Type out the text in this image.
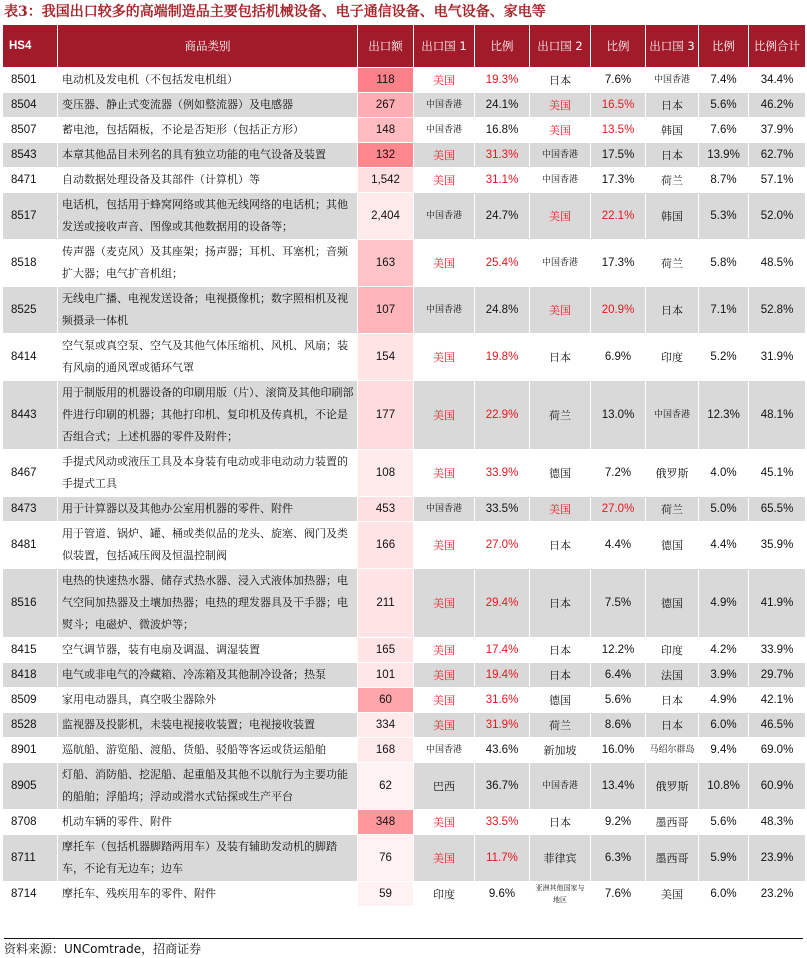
表3：我国出口较多的高端制造品主要包括机械设备、电子通信设备、电气设备、家电等
HS4	商品类别	出口额	出口国 1	比例	出口国 2	比例	出口国 3	比例	比例合计
8501	电动机及发电机（不包括发电机组）	118	美国	19.3%	日本	7.6%	中国香港	7.4%	34.4%
8504	变压器、静止式变流器（例如整流器）及电感器	267	中国香港	24.1%	美国	16.5%	日本	5.6%	46.2%
8507	蓄电池，包括隔板，不论是否矩形（包括正方形）	148	中国香港	16.8%	美国	13.5%	韩国	7.6%	37.9%
8543	本章其他品目未列名的具有独立功能的电气设备及装置	132	美国	31.3%	中国香港	17.5%	日本	13.9%	62.7%
8471	自动数据处理设备及其部件（计算机）等	1,542	美国	31.1%	中国香港	17.3%	荷兰	8.7%	57.1%
8517	电话机，包括用于蜂窝网络或其他无线网络的电话机；其他发送或接收声音、图像或其他数据用的设备等；	2,404	中国香港	24.7%	美国	22.1%	韩国	5.3%	52.0%
8518	传声器（麦克风）及其座架；扬声器；耳机、耳塞机；音频扩大器；电气扩音机组；	163	美国	25.4%	中国香港	17.3%	荷兰	5.8%	48.5%
8525	无线电广播、电视发送设备；电视摄像机；数字照相机及视频摄录一体机	107	中国香港	24.8%	美国	20.9%	日本	7.1%	52.8%
8414	空气泵或真空泵、空气及其他气体压缩机、风机、风扇；装有风扇的通风罩或循环气罩	154	美国	19.8%	日本	6.9%	印度	5.2%	31.9%
8443	用于制版用的机器设备的印刷用版（片）、滚筒及其他印刷部件进行印刷的机器；其他打印机、复印机及传真机，不论是否组合式；上述机器的零件及附件；	177	美国	22.9%	荷兰	13.0%	中国香港	12.3%	48.1%
8467	手提式风动或液压工具及本身装有电动或非电动动力装置的手提式工具	108	美国	33.9%	德国	7.2%	俄罗斯	4.0%	45.1%
8473	用于计算器以及其他办公室用机器的零件、附件	453	中国香港	33.5%	美国	27.0%	荷兰	5.0%	65.5%
8481	用于管道、锅炉、罐、桶或类似品的龙头、旋塞、阀门及类似装置，包括减压阀及恒温控制阀	166	美国	27.0%	日本	4.4%	德国	4.4%	35.9%
8516	电热的快速热水器、储存式热水器、浸入式液体加热器；电气空间加热器及土壤加热器；电热的理发器具及干手器；电熨斗；电磁炉、微波炉等；	211	美国	29.4%	日本	7.5%	德国	4.9%	41.9%
8415	空气调节器，装有电扇及调温、调湿装置	165	美国	17.4%	日本	12.2%	印度	4.2%	33.9%
8418	电气或非电气的冷藏箱、冷冻箱及其他制冷设备；热泵	101	美国	19.4%	日本	6.4%	法国	3.9%	29.7%
8509	家用电动器具，真空吸尘器除外	60	美国	31.6%	德国	5.6%	日本	4.9%	42.1%
8528	监视器及投影机，未装电视接收装置；电视接收装置	334	美国	31.9%	荷兰	8.6%	日本	6.0%	46.5%
8901	巡航船、游览船、渡船、货船、驳船等客运或货运船舶	168	中国香港	43.6%	新加坡	16.0%	马绍尔群岛	9.4%	69.0%
8905	灯船、消防船、挖泥船、起重船及其他不以航行为主要功能的船舶；浮船坞；浮动或潜水式钻探或生产平台	62	巴西	36.7%	中国香港	13.4%	俄罗斯	10.8%	60.9%
8708	机动车辆的零件、附件	348	美国	33.5%	日本	9.2%	墨西哥	5.6%	48.3%
8711	摩托车（包括机器脚踏两用车）及装有辅助发动机的脚踏车，不论有无边车；边车	76	美国	11.7%	菲律宾	6.3%	墨西哥	5.9%	23.9%
8714	摩托车、残疾用车的零件、附件	59	印度	9.6%	亚洲其他国家与地区	7.6%	美国	6.0%	23.2%
资料来源：UNComtrade，招商证券
